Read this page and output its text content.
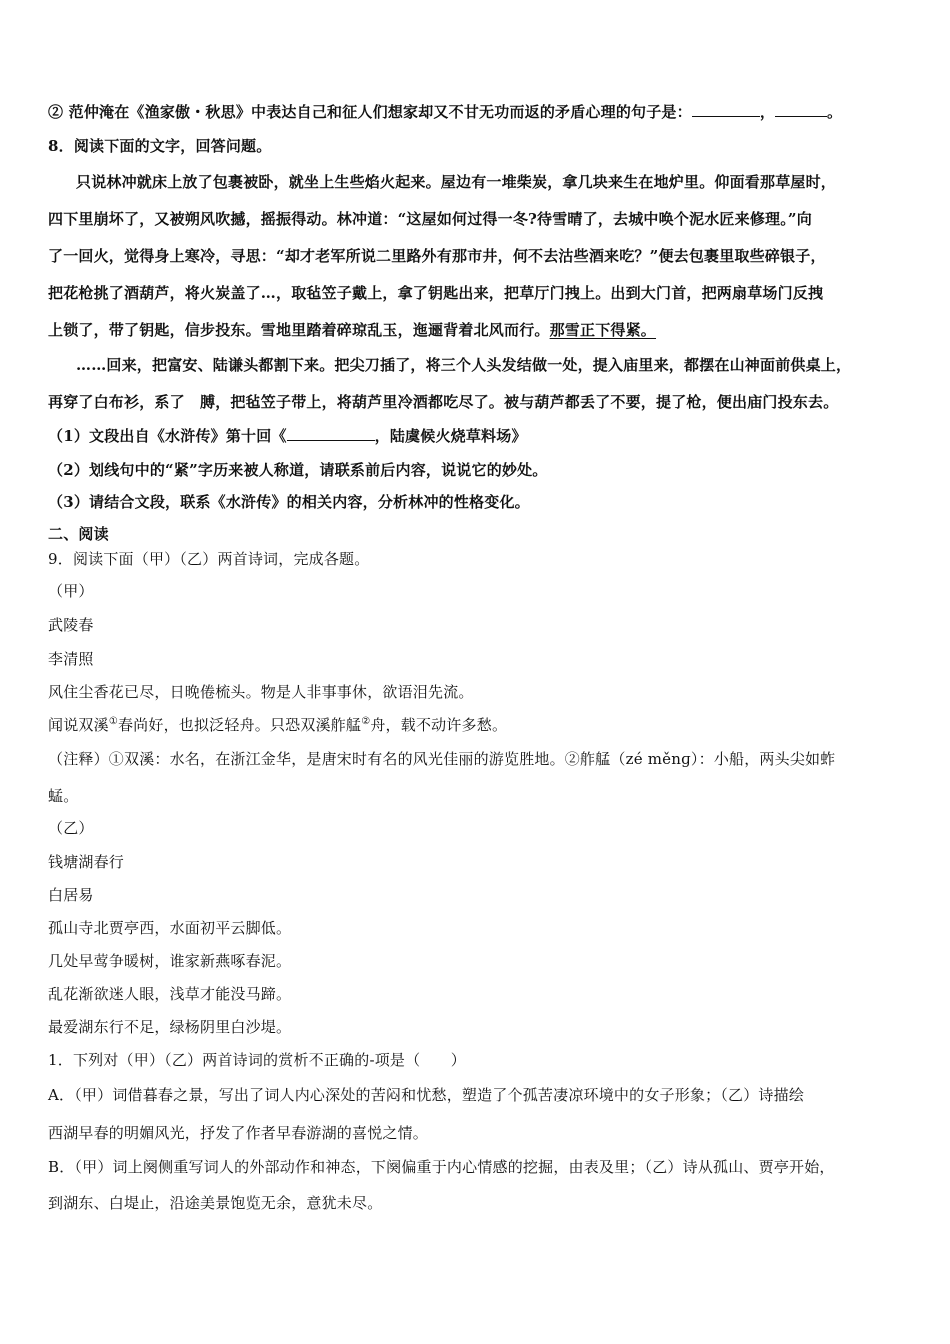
② 范仲淹在《渔家傲・秋思》中表达自己和征人们想家却又不甘无功而返的矛盾心理的句子是：	，	。
8．阅读下面的文字，回答问题。
只说林冲就床上放了包裹被卧，就坐上生些焰火起来。屋边有一堆柴炭，拿几块来生在地炉里。仰面看那草屋时，
四下里崩坏了，又被朔风吹撼，摇振得动。林冲道：“这屋如何过得一冬?待雪晴了，去城中唤个泥水匠来修理。”向
了一回火，觉得身上寒冷，寻思：“却才老军所说二里路外有那市井，何不去沽些酒来吃？”便去包裹里取些碎银子，
把花枪挑了酒葫芦，将火炭盖了…，取毡笠子戴上，拿了钥匙出来，把草厅门拽上。出到大门首，把两扇草场门反拽
上锁了，带了钥匙，信步投东。雪地里踏着碎琼乱玉，迤逦背着北风而行。那雪正下得紧。
……回来，把富安、陆谦头都割下来。把尖刀插了，将三个人头发结做一处，提入庙里来，都摆在山神面前供桌上，
再穿了白布衫，系了　膊，把毡笠子带上，将葫芦里冷酒都吃尽了。被与葫芦都丢了不要，提了枪，便出庙门投东去。
（1）文段出自《水浒传》第十回《	，陆虞候火烧草料场》
（2）划线句中的“紧”字历来被人称道，请联系前后内容，说说它的妙处。
（3）请结合文段，联系《水浒传》的相关内容，分析林冲的性格变化。
二、阅读
9．阅读下面（甲）（乙）两首诗词，完成各题。
（甲）
武陵春
李清照
风住尘香花已尽，日晚倦梳头。物是人非事事休，欲语泪先流。
闻说双溪①春尚好，也拟泛轻舟。只恐双溪舴艋②舟，载不动许多愁。
（注释）①双溪：水名，在浙江金华，是唐宋时有名的风光佳丽的游览胜地。②舴艋（zé měnɡ）：小船，两头尖如蚱
蜢。
（乙）
钱塘湖春行
白居易
孤山寺北贾亭西，水面初平云脚低。
几处早莺争暖树，谁家新燕啄春泥。
乱花渐欲迷人眼，浅草才能没马蹄。
最爱湖东行不足，绿杨阴里白沙堤。
1．下列对（甲）（乙）两首诗词的赏析不正确的-项是（　　）
A．（甲）词借暮春之景，写出了词人内心深处的苦闷和忧愁，塑造了个孤苦凄凉环境中的女子形象；（乙）诗描绘
西湖早春的明媚风光，抒发了作者早春游湖的喜悦之情。
B．（甲）词上阕侧重写词人的外部动作和神态，下阕偏重于内心情感的挖掘，由表及里；（乙）诗从孤山、贾亭开始，
到湖东、白堤止，沿途美景饱览无余，意犹未尽。
